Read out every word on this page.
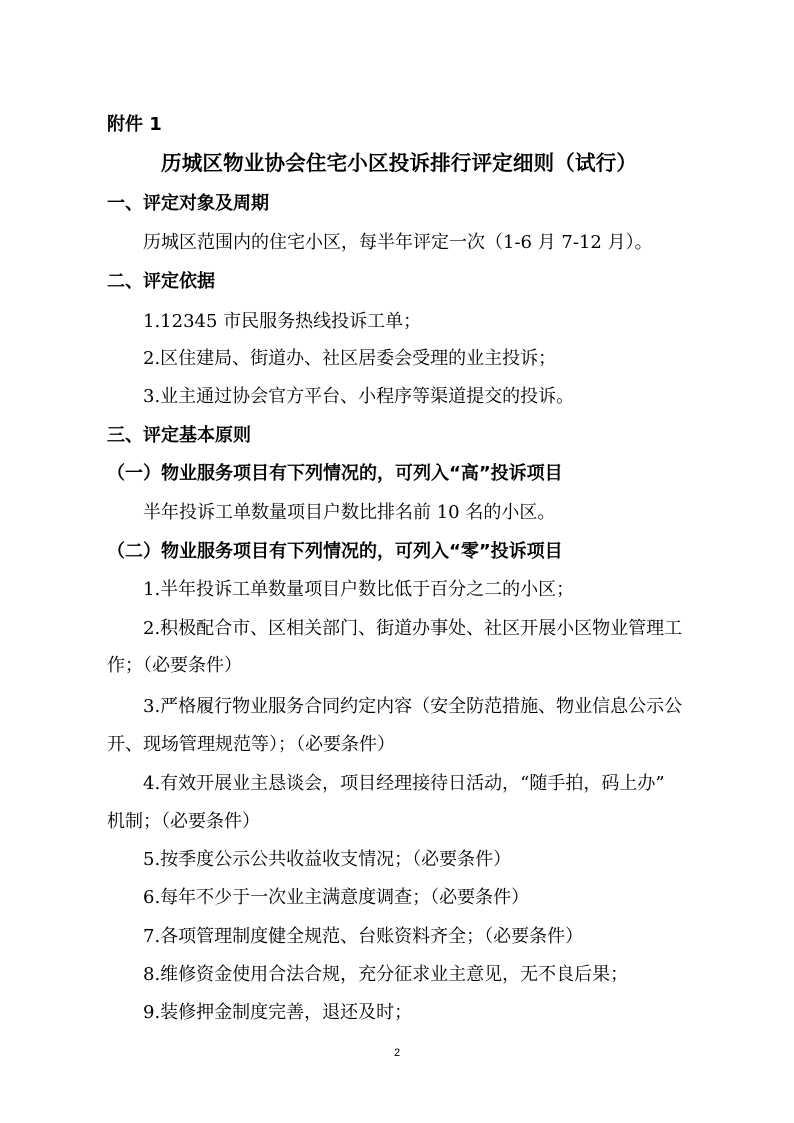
附件 1
历城区物业协会住宅小区投诉排行评定细则（试行）
一、评定对象及周期
历城区范围内的住宅小区，每半年评定一次（1-6 月 7-12 月）。
二、评定依据
1.12345 市民服务热线投诉工单；
2.区住建局、街道办、社区居委会受理的业主投诉；
3.业主通过协会官方平台、小程序等渠道提交的投诉。
三、评定基本原则
（一）物业服务项目有下列情况的，可列入“高”投诉项目
半年投诉工单数量项目户数比排名前 10 名的小区。
（二）物业服务项目有下列情况的，可列入“零”投诉项目
1.半年投诉工单数量项目户数比低于百分之二的小区；
2.积极配合市、区相关部门、街道办事处、社区开展小区物业管理工
作；（必要条件）
3.严格履行物业服务合同约定内容（安全防范措施、物业信息公示公
开、现场管理规范等）；（必要条件）
4.有效开展业主恳谈会，项目经理接待日活动，“随手拍，码上办”
机制；（必要条件）
5.按季度公示公共收益收支情况；（必要条件）
6.每年不少于一次业主满意度调查；（必要条件）
7.各项管理制度健全规范、台账资料齐全；（必要条件）
8.维修资金使用合法合规，充分征求业主意见，无不良后果；
9.装修押金制度完善，退还及时；
2
